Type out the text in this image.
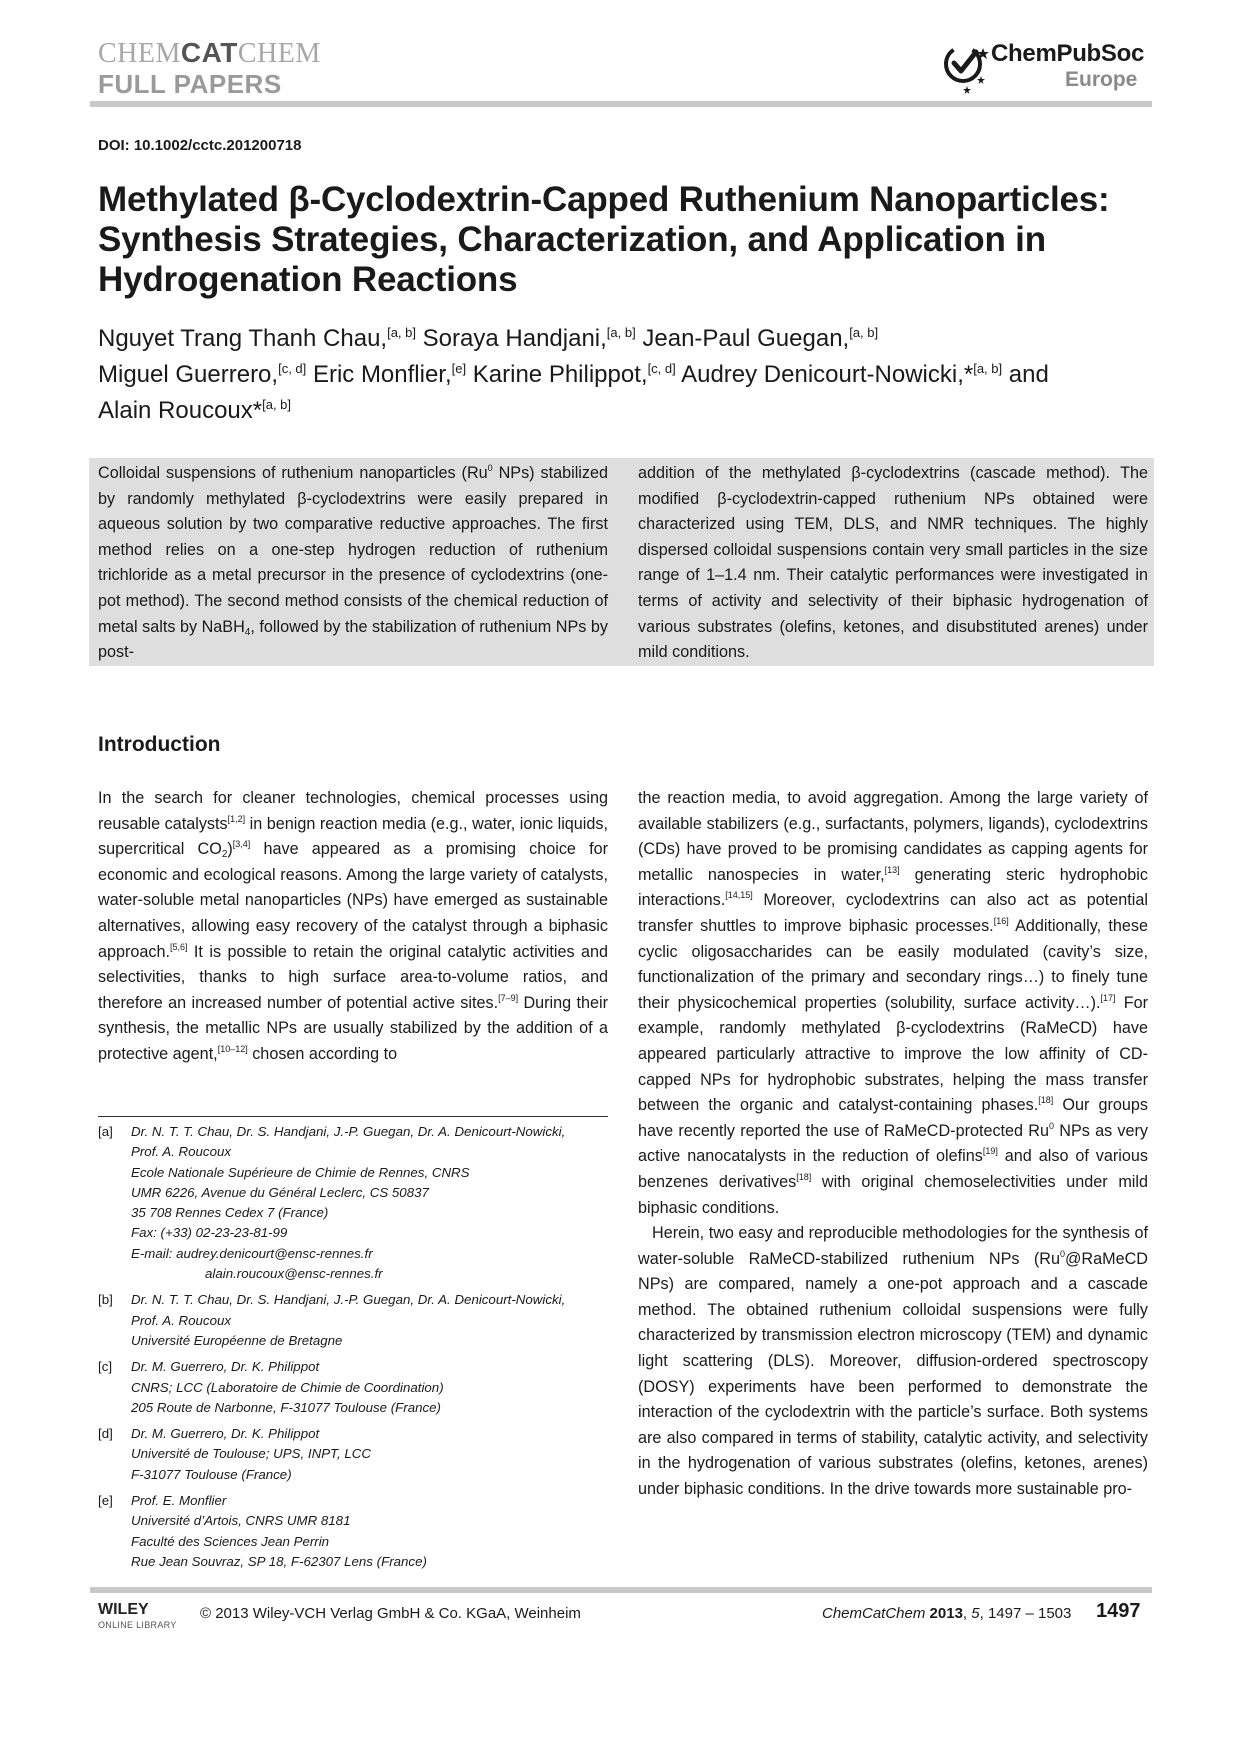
CHEMCATCHEM
FULL PAPERS
ChemPubSoc
Europe
DOI: 10.1002/cctc.201200718
Methylated β-Cyclodextrin-Capped Ruthenium Nanoparticles: Synthesis Strategies, Characterization, and Application in Hydrogenation Reactions
Nguyet Trang Thanh Chau,[a, b] Soraya Handjani,[a, b] Jean-Paul Guegan,[a, b]
Miguel Guerrero,[c, d] Eric Monflier,[e] Karine Philippot,[c, d] Audrey Denicourt-Nowicki,*[a, b] and
Alain Roucoux*[a, b]
Colloidal suspensions of ruthenium nanoparticles (Ru$^0$ NPs) stabilized by randomly methylated β-cyclodextrins were easily prepared in aqueous solution by two comparative reductive approaches. The first method relies on a one-step hydrogen reduction of ruthenium trichloride as a metal precursor in the presence of cyclodextrins (one-pot method). The second method consists of the chemical reduction of metal salts by NaBH$_4$, followed by the stabilization of ruthenium NPs by post-
addition of the methylated β-cyclodextrins (cascade method). The modified β-cyclodextrin-capped ruthenium NPs obtained were characterized using TEM, DLS, and NMR techniques. The highly dispersed colloidal suspensions contain very small particles in the size range of 1–1.4 nm. Their catalytic performances were investigated in terms of activity and selectivity of their biphasic hydrogenation of various substrates (olefins, ketones, and disubstituted arenes) under mild conditions.
Introduction
In the search for cleaner technologies, chemical processes using reusable catalysts[1,2] in benign reaction media (e.g., water, ionic liquids, supercritical $CO_2)[3,4]$ have appeared as a promising choice for economic and ecological reasons. Among the large variety of catalysts, water-soluble metal nanoparticles (NPs) have emerged as sustainable alternatives, allowing easy recovery of the catalyst through a biphasic approach.[5,6] It is possible to retain the original catalytic activities and selectivities, thanks to high surface area-to-volume ratios, and therefore an increased number of potential active sites.[7–9] During their synthesis, the metallic NPs are usually stabilized by the addition of a protective agent,[10–12] chosen according to
the reaction media, to avoid aggregation. Among the large variety of available stabilizers (e.g., surfactants, polymers, ligands), cyclodextrins (CDs) have proved to be promising candidates as capping agents for metallic nanospecies in water,[13] generating steric hydrophobic interactions.[14,15] Moreover, cyclodextrins can also act as potential transfer shuttles to improve biphasic processes.[16] Additionally, these cyclic oligosaccharides can be easily modulated (cavity’s size, functionalization of the primary and secondary rings…) to finely tune their physicochemical properties (solubility, surface activity…).[17] For example, randomly methylated β-cyclodextrins (RaMeCD) have appeared particularly attractive to improve the low affinity of CD-capped NPs for hydrophobic substrates, helping the mass transfer between the organic and catalyst-containing phases.[18] Our groups have recently reported the use of RaMeCD-protected Ru$^0$ NPs as very active nanocatalysts in the reduction of olefins[19] and also of various benzenes derivatives[18] with original chemoselectivities under mild biphasic conditions.
Herein, two easy and reproducible methodologies for the synthesis of water-soluble RaMeCD-stabilized ruthenium NPs (Ru$^0$@RaMeCD NPs) are compared, namely a one-pot approach and a cascade method. The obtained ruthenium colloidal suspensions were fully characterized by transmission electron microscopy (TEM) and dynamic light scattering (DLS). Moreover, diffusion-ordered spectroscopy (DOSY) experiments have been performed to demonstrate the interaction of the cyclodextrin with the particle’s surface. Both systems are also compared in terms of stability, catalytic activity, and selectivity in the hydrogenation of various substrates (olefins, ketones, arenes) under biphasic conditions. In the drive towards more sustainable pro-
[a] Dr. N. T. T. Chau, Dr. S. Handjani, J.-P. Guegan, Dr. A. Denicourt-Nowicki,
Prof. A. Roucoux
Ecole Nationale Supérieure de Chimie de Rennes, CNRS
UMR 6226, Avenue du Général Leclerc, CS 50837
35 708 Rennes Cedex 7 (France)
Fax: (+33) 02-23-23-81-99
E-mail: audrey.denicourt@ensc-rennes.fr
alain.roucoux@ensc-rennes.fr
[b] Dr. N. T. T. Chau, Dr. S. Handjani, J.-P. Guegan, Dr. A. Denicourt-Nowicki,
Prof. A. Roucoux
Université Européenne de Bretagne
[c] Dr. M. Guerrero, Dr. K. Philippot
CNRS; LCC (Laboratoire de Chimie de Coordination)
205 Route de Narbonne, F-31077 Toulouse (France)
[d] Dr. M. Guerrero, Dr. K. Philippot
Université de Toulouse; UPS, INPT, LCC
F-31077 Toulouse (France)
[e] Prof. E. Monflier
Université d’Artois, CNRS UMR 8181
Faculté des Sciences Jean Perrin
Rue Jean Souvraz, SP 18, F-62307 Lens (France)
WILEY
ONLINE LIBRARY
© 2013 Wiley-VCH Verlag GmbH & Co. KGaA, Weinheim	ChemCatChem 2013, 5, 1497 – 1503 1497
